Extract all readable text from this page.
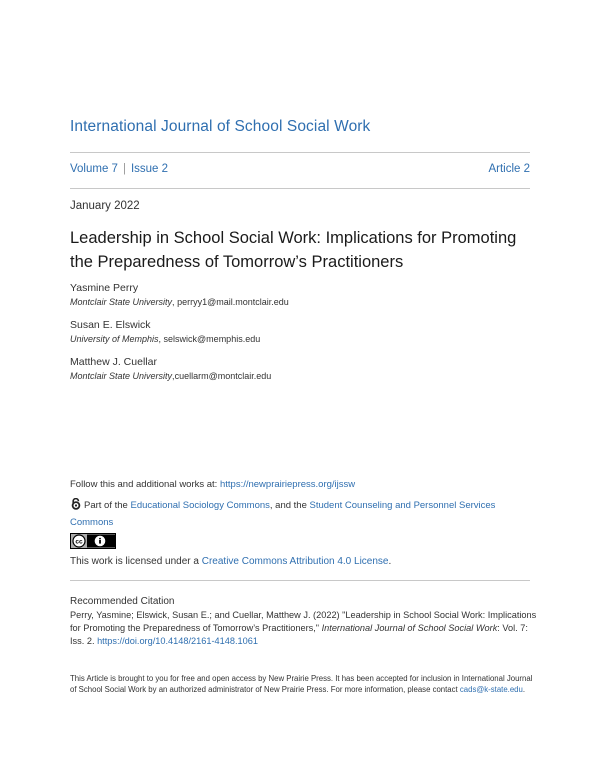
International Journal of School Social Work
Volume 7 | Issue 2	Article 2
January 2022
Leadership in School Social Work: Implications for Promoting the Preparedness of Tomorrow’s Practitioners
Yasmine Perry
Montclair State University, perryy1@mail.montclair.edu
Susan E. Elswick
University of Memphis, selswick@memphis.edu
Matthew J. Cuellar
Montclair State University,cuellarm@montclair.edu
Follow this and additional works at: https://newprairiepress.org/ijssw
Part of the Educational Sociology Commons, and the Student Counseling and Personnel Services Commons
cc
This work is licensed under a Creative Commons Attribution 4.0 License.
Recommended Citation
Perry, Yasmine; Elswick, Susan E.; and Cuellar, Matthew J. (2022) "Leadership in School Social Work: Implications for Promoting the Preparedness of Tomorrow’s Practitioners," International Journal of School Social Work: Vol. 7: Iss. 2. https://doi.org/10.4148/2161-4148.1061
This Article is brought to you for free and open access by New Prairie Press. It has been accepted for inclusion in International Journal of School Social Work by an authorized administrator of New Prairie Press. For more information, please contact cads@k-state.edu.
